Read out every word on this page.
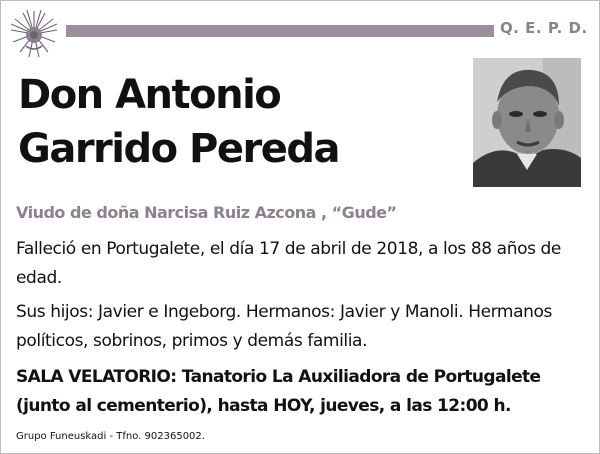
Q. E. P. D.
Don Antonio
Garrido Pereda
Viudo de doña Narcisa Ruiz Azcona , “Gude”
Falleció en Portugalete, el día 17 de abril de 2018, a los 88 años de edad.
Sus hijos: Javier e Ingeborg. Hermanos: Javier y Manoli. Hermanos políticos, sobrinos, primos y demás familia.
SALA VELATORIO: Tanatorio La Auxiliadora de Portugalete (junto al cementerio), hasta HOY, jueves, a las 12:00 h.
Grupo Funeuskadi - Tfno. 902365002.
